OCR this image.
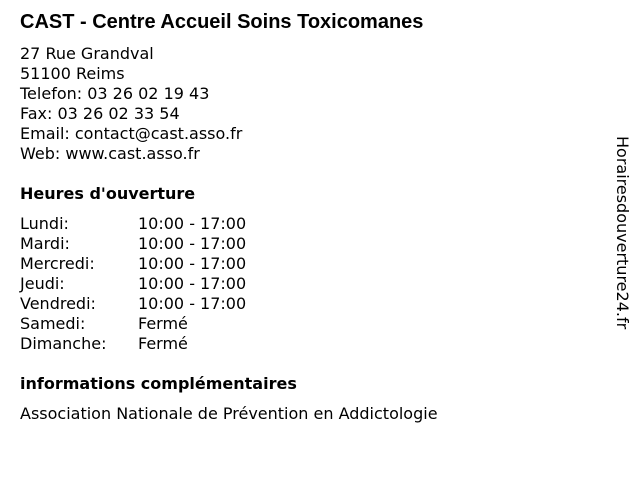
CAST - Centre Accueil Soins Toxicomanes
27 Rue Grandval
51100 Reims
Telefon: 03 26 02 19 43
Fax: 03 26 02 33 54
Email: contact@cast.asso.fr
Web: www.cast.asso.fr
Heures d'ouverture
Lundi:	10:00 - 17:00
Mardi:	10:00 - 17:00
Mercredi:	10:00 - 17:00
Jeudi:	10:00 - 17:00
Vendredi:	10:00 - 17:00
Samedi:	Fermé
Dimanche: Fermé
informations complémentaires
Association Nationale de Prévention en Addictologie
Horairesdouverture24.fr
